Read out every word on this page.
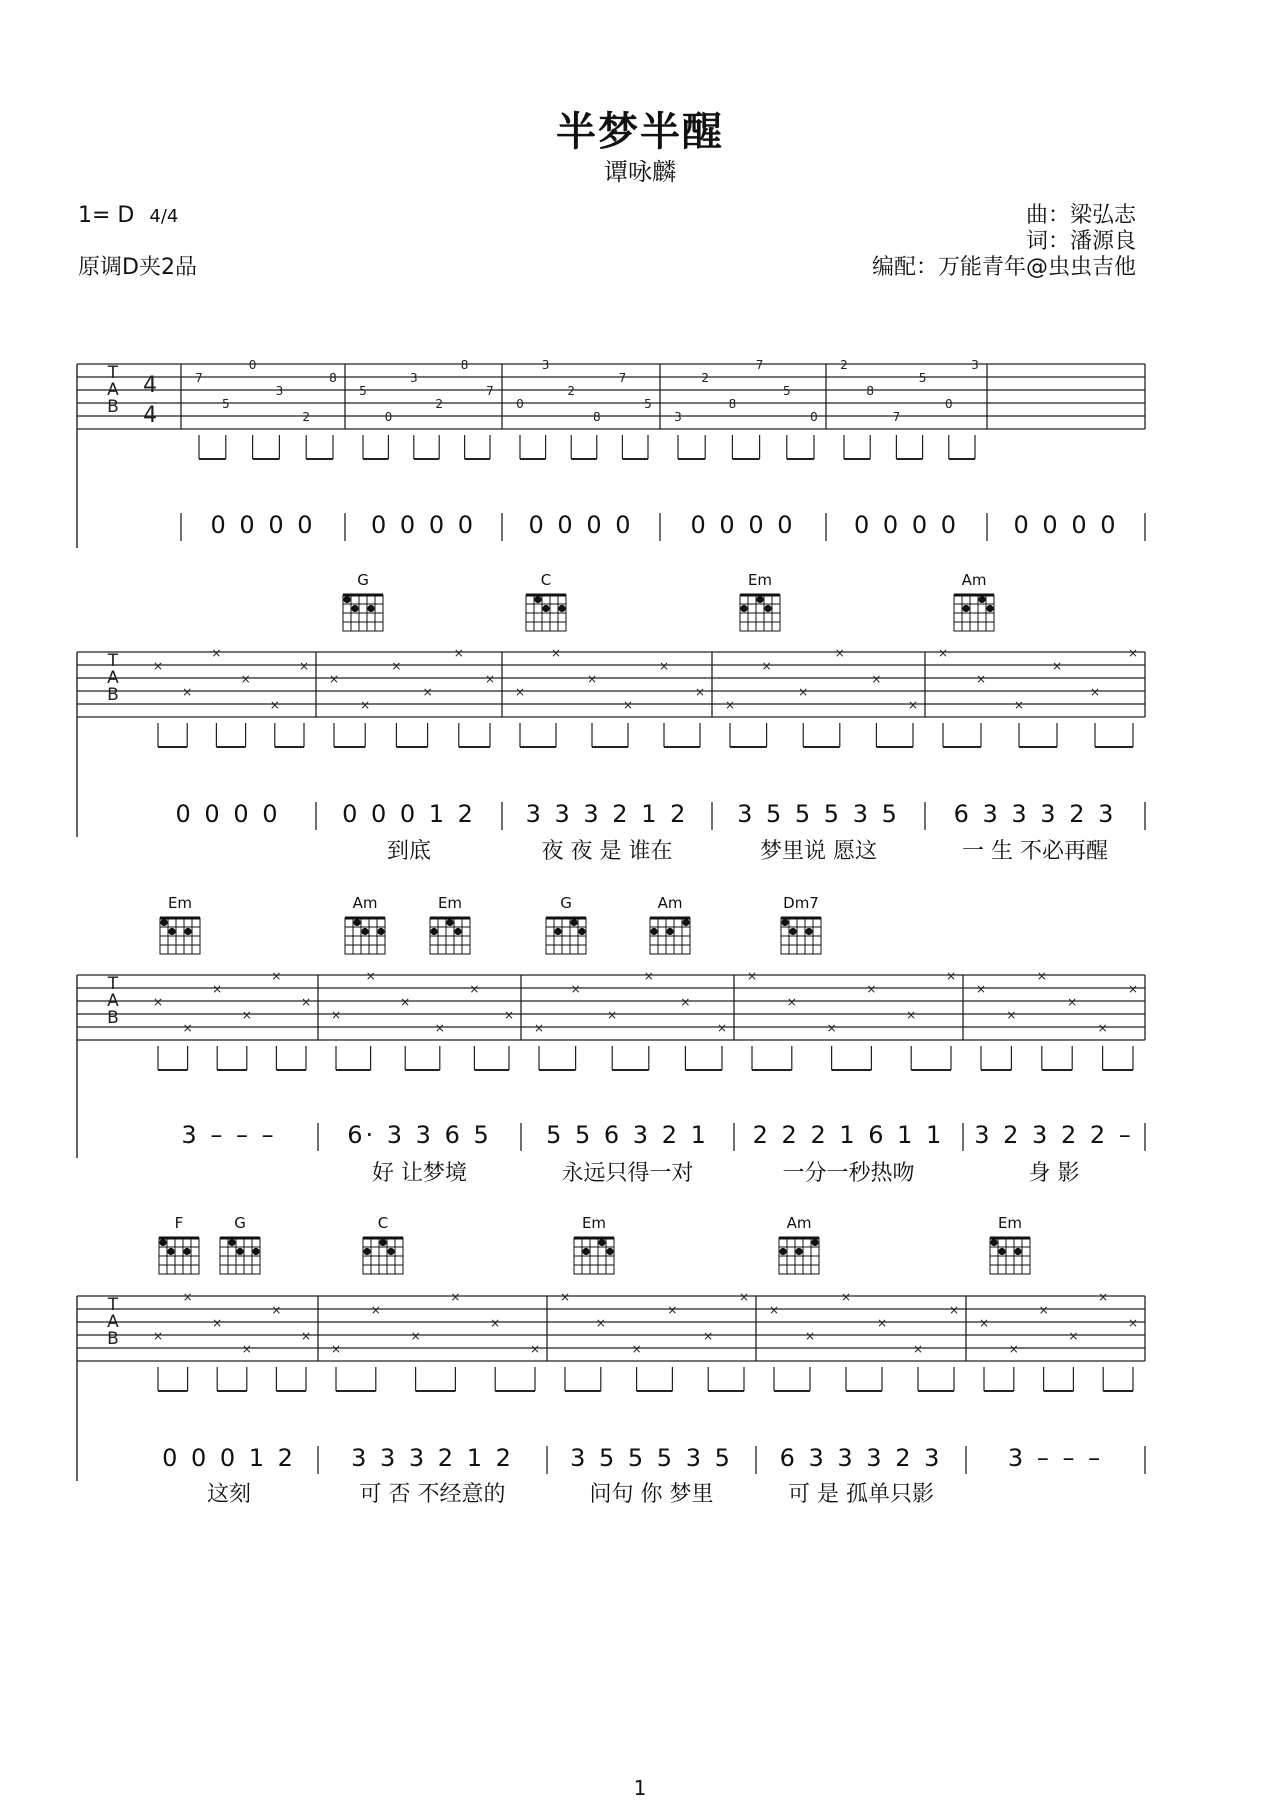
T
A
B
4
4
7
5
0
3
2
8
5
0
3
2
8
7
0
3
2
8
7
5
3
2
8
7
5
0
2
8
7
5
0
3
0 0 0 0 0 0 0 0 0 0 0 0 0 0 0 0 0 0 0 0 0 0 0 0
T
A
B
×
×
×
×
×
×
×
×
×
×
×
×
×
×
×
×
×
×
×
×
×
×
×
×
×
×
×
×
×
×
0 0 0 0	0 0 0 1 2
到底
3 3 3 2 1 2
夜 夜 是 谁在
3 5 5 5 3 5
梦里说 愿这
6 3 3 3 2 3
一 生 不必再醒
G	C	Em	Am
T
A
B
×
×
×
×
×
×
×
×
×
×
×
×
×
×
×
×
×
×
×
×
×
×
×
×
×
×
×
×
×
×
3 – – –	6· 3 3 6 5
好 让梦境
5 5 6 3 2 1
永远只得一对
2 2 2 1 6 1 1
一分一秒热吻
3 2 3 2 2 –
身 影
Em	Am	Em	G	Am	Dm7
T
A
B	×
×
×
×
×
×
×
×
×
×
×
×
×
×
×
×
×
×
×
×
×
×
×
×
×
×
×
×
×
×
0 0 0 1 2
这刻
3 3 3 2 1 2
可 否 不经意的
3 5 5 5 3 5
问句 你 梦里
6 3 3 3 2 3
可 是 孤单只影
3 – – –
F	G	C	Em	Am	Em
半梦半醒
谭咏麟
1= D 4/4
原调D夹2品
曲：梁弘志
词：潘源良
编配：万能青年@虫虫吉他
1
